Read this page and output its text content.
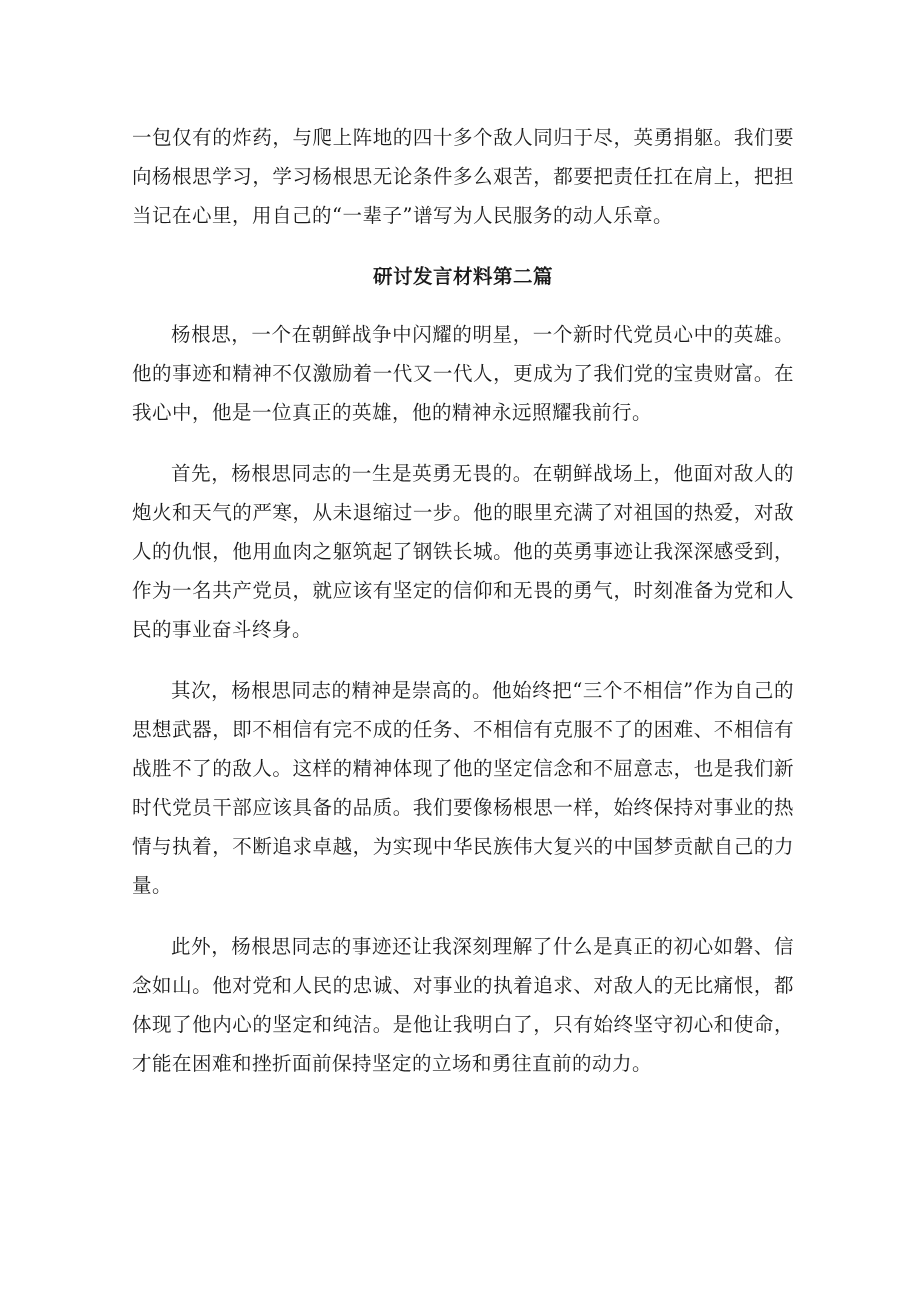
一包仅有的炸药，与爬上阵地的四十多个敌人同归于尽，英勇捐躯。我们要向杨根思学习，学习杨根思无论条件多么艰苦，都要把责任扛在肩上，把担当记在心里，用自己的“一辈子”谱写为人民服务的动人乐章。

研讨发言材料第二篇

杨根思，一个在朝鲜战争中闪耀的明星，一个新时代党员心中的英雄。他的事迹和精神不仅激励着一代又一代人，更成为了我们党的宝贵财富。在我心中，他是一位真正的英雄，他的精神永远照耀我前行。

首先，杨根思同志的一生是英勇无畏的。在朝鲜战场上，他面对敌人的炮火和天气的严寒，从未退缩过一步。他的眼里充满了对祖国的热爱，对敌人的仇恨，他用血肉之躯筑起了钢铁长城。他的英勇事迹让我深深感受到，作为一名共产党员，就应该有坚定的信仰和无畏的勇气，时刻准备为党和人民的事业奋斗终身。

其次，杨根思同志的精神是崇高的。他始终把“三个不相信”作为自己的思想武器，即不相信有完不成的任务、不相信有克服不了的困难、不相信有战胜不了的敌人。这样的精神体现了他的坚定信念和不屈意志，也是我们新时代党员干部应该具备的品质。我们要像杨根思一样，始终保持对事业的热情与执着，不断追求卓越，为实现中华民族伟大复兴的中国梦贡献自己的力量。

此外，杨根思同志的事迹还让我深刻理解了什么是真正的初心如磐、信念如山。他对党和人民的忠诚、对事业的执着追求、对敌人的无比痛恨，都体现了他内心的坚定和纯洁。是他让我明白了，只有始终坚守初心和使命，才能在困难和挫折面前保持坚定的立场和勇往直前的动力。
